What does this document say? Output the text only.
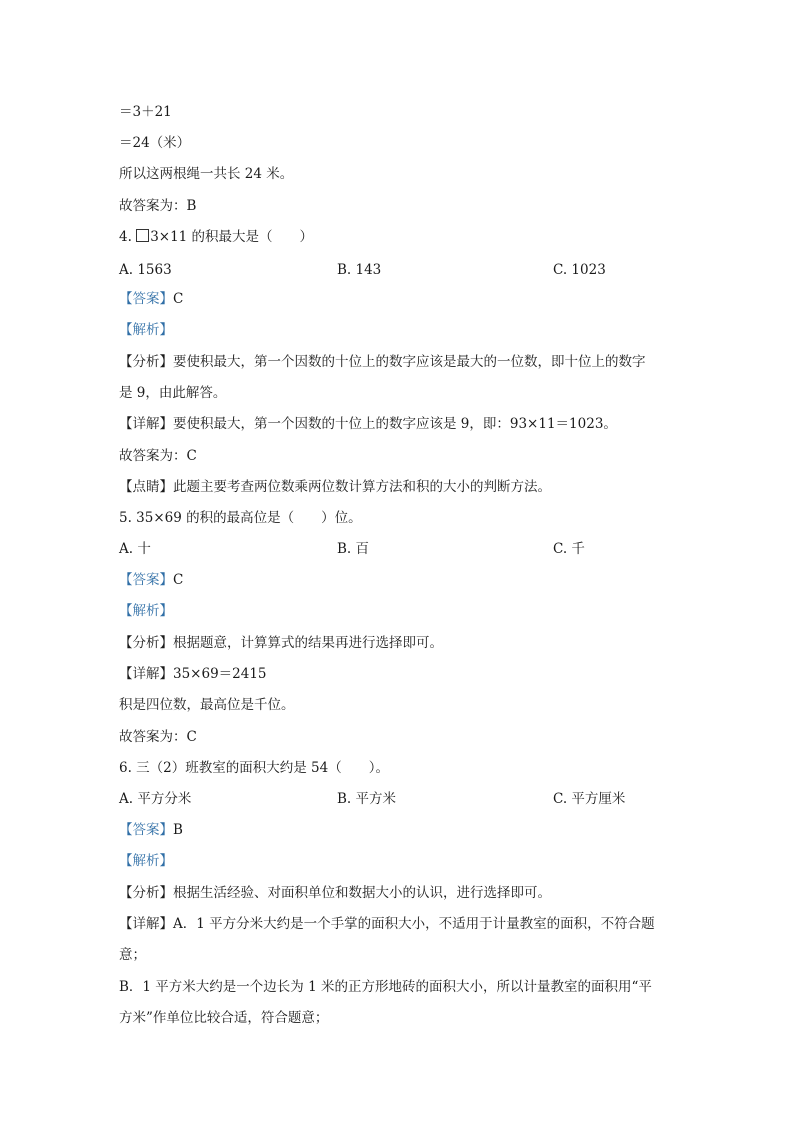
＝3＋21
＝24（米）
所以这两根绳一共长 24 米。
故答案为：B
4. 3×11 的积最大是（　　）
A. 1563	B. 143	C. 1023
【答案】C
【解析】
【分析】要使积最大，第一个因数的十位上的数字应该是最大的一位数，即十位上的数字
是 9，由此解答。
【详解】要使积最大，第一个因数的十位上的数字应该是 9，即：93×11＝1023。
故答案为：C
【点睛】此题主要考查两位数乘两位数计算方法和积的大小的判断方法。
5. 35×69 的积的最高位是（　　）位。
A. 十	B. 百	C. 千
【答案】C
【解析】
【分析】根据题意，计算算式的结果再进行选择即可。
【详解】35×69＝2415
积是四位数，最高位是千位。
故答案为：C
6. 三（2）班教室的面积大约是 54（　　）。
A. 平方分米	B. 平方米	C. 平方厘米
【答案】B
【解析】
【分析】根据生活经验、对面积单位和数据大小的认识，进行选择即可。
【详解】A．1 平方分米大约是一个手掌的面积大小，不适用于计量教室的面积，不符合题
意；
B．1 平方米大约是一个边长为 1 米的正方形地砖的面积大小，所以计量教室的面积用“平
方米”作单位比较合适，符合题意；
